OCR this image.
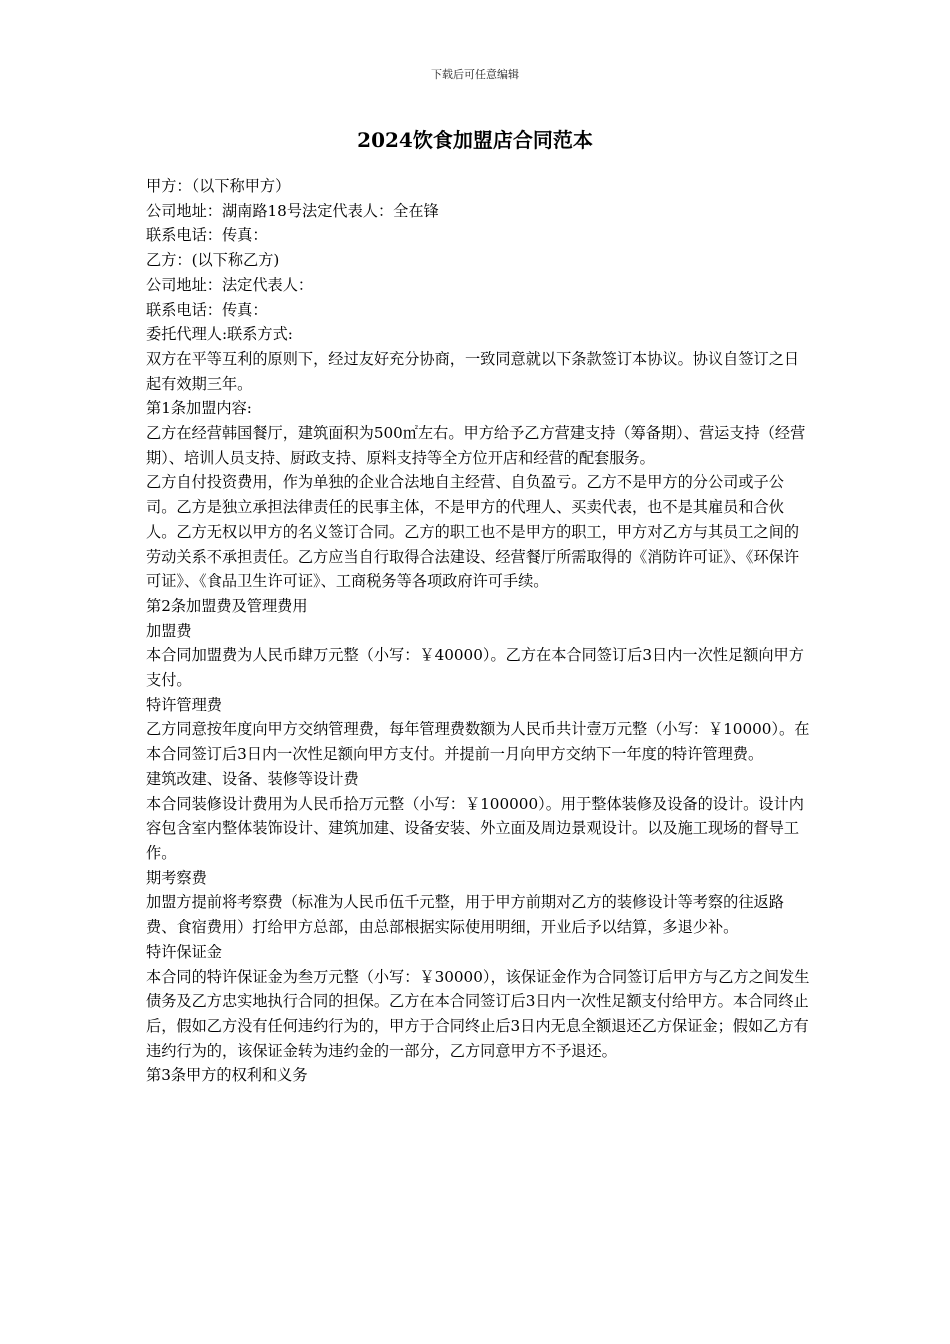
下载后可任意编辑
2024饮食加盟店合同范本

甲方：（以下称甲方）

公司地址：湖南路18号法定代表人：全在锋

联系电话：传真：

乙方：(以下称乙方)

公司地址：法定代表人：

联系电话：传真：

委托代理人:联系方式:

双方在平等互利的原则下，经过友好充分协商，一致同意就以下条款签订本协议。协议自签订之日起有效期三年。

第1条加盟内容:

乙方在经营韩国餐厅，建筑面积为500㎡左右。甲方给予乙方营建支持（筹备期）、营运支持（经营期）、培训人员支持、厨政支持、原料支持等全方位开店和经营的配套服务。

乙方自付投资费用，作为单独的企业合法地自主经营、自负盈亏。乙方不是甲方的分公司或子公司。乙方是独立承担法律责任的民事主体，不是甲方的代理人、买卖代表，也不是其雇员和合伙人。乙方无权以甲方的名义签订合同。乙方的职工也不是甲方的职工，甲方对乙方与其员工之间的劳动关系不承担责任。乙方应当自行取得合法建设、经营餐厅所需取得的《消防许可证》、《环保许可证》、《食品卫生许可证》、工商税务等各项政府许可手续。

第2条加盟费及管理费用

加盟费

本合同加盟费为人民币肆万元整（小写：￥40000）。乙方在本合同签订后3日内一次性足额向甲方支付。

特许管理费

乙方同意按年度向甲方交纳管理费，每年管理费数额为人民币共计壹万元整（小写：￥10000）。在本合同签订后3日内一次性足额向甲方支付。并提前一月向甲方交纳下一年度的特许管理费。

建筑改建、设备、装修等设计费

本合同装修设计费用为人民币拾万元整（小写：￥100000）。用于整体装修及设备的设计。设计内容包含室内整体装饰设计、建筑加建、设备安装、外立面及周边景观设计。以及施工现场的督导工作。

期考察费

加盟方提前将考察费（标准为人民币伍千元整，用于甲方前期对乙方的装修设计等考察的往返路费、食宿费用）打给甲方总部，由总部根据实际使用明细，开业后予以结算，多退少补。

特许保证金

本合同的特许保证金为叁万元整（小写：￥30000），该保证金作为合同签订后甲方与乙方之间发生债务及乙方忠实地执行合同的担保。乙方在本合同签订后3日内一次性足额支付给甲方。本合同终止后，假如乙方没有任何违约行为的，甲方于合同终止后3日内无息全额退还乙方保证金；假如乙方有违约行为的，该保证金转为违约金的一部分，乙方同意甲方不予退还。

第3条甲方的权利和义务
